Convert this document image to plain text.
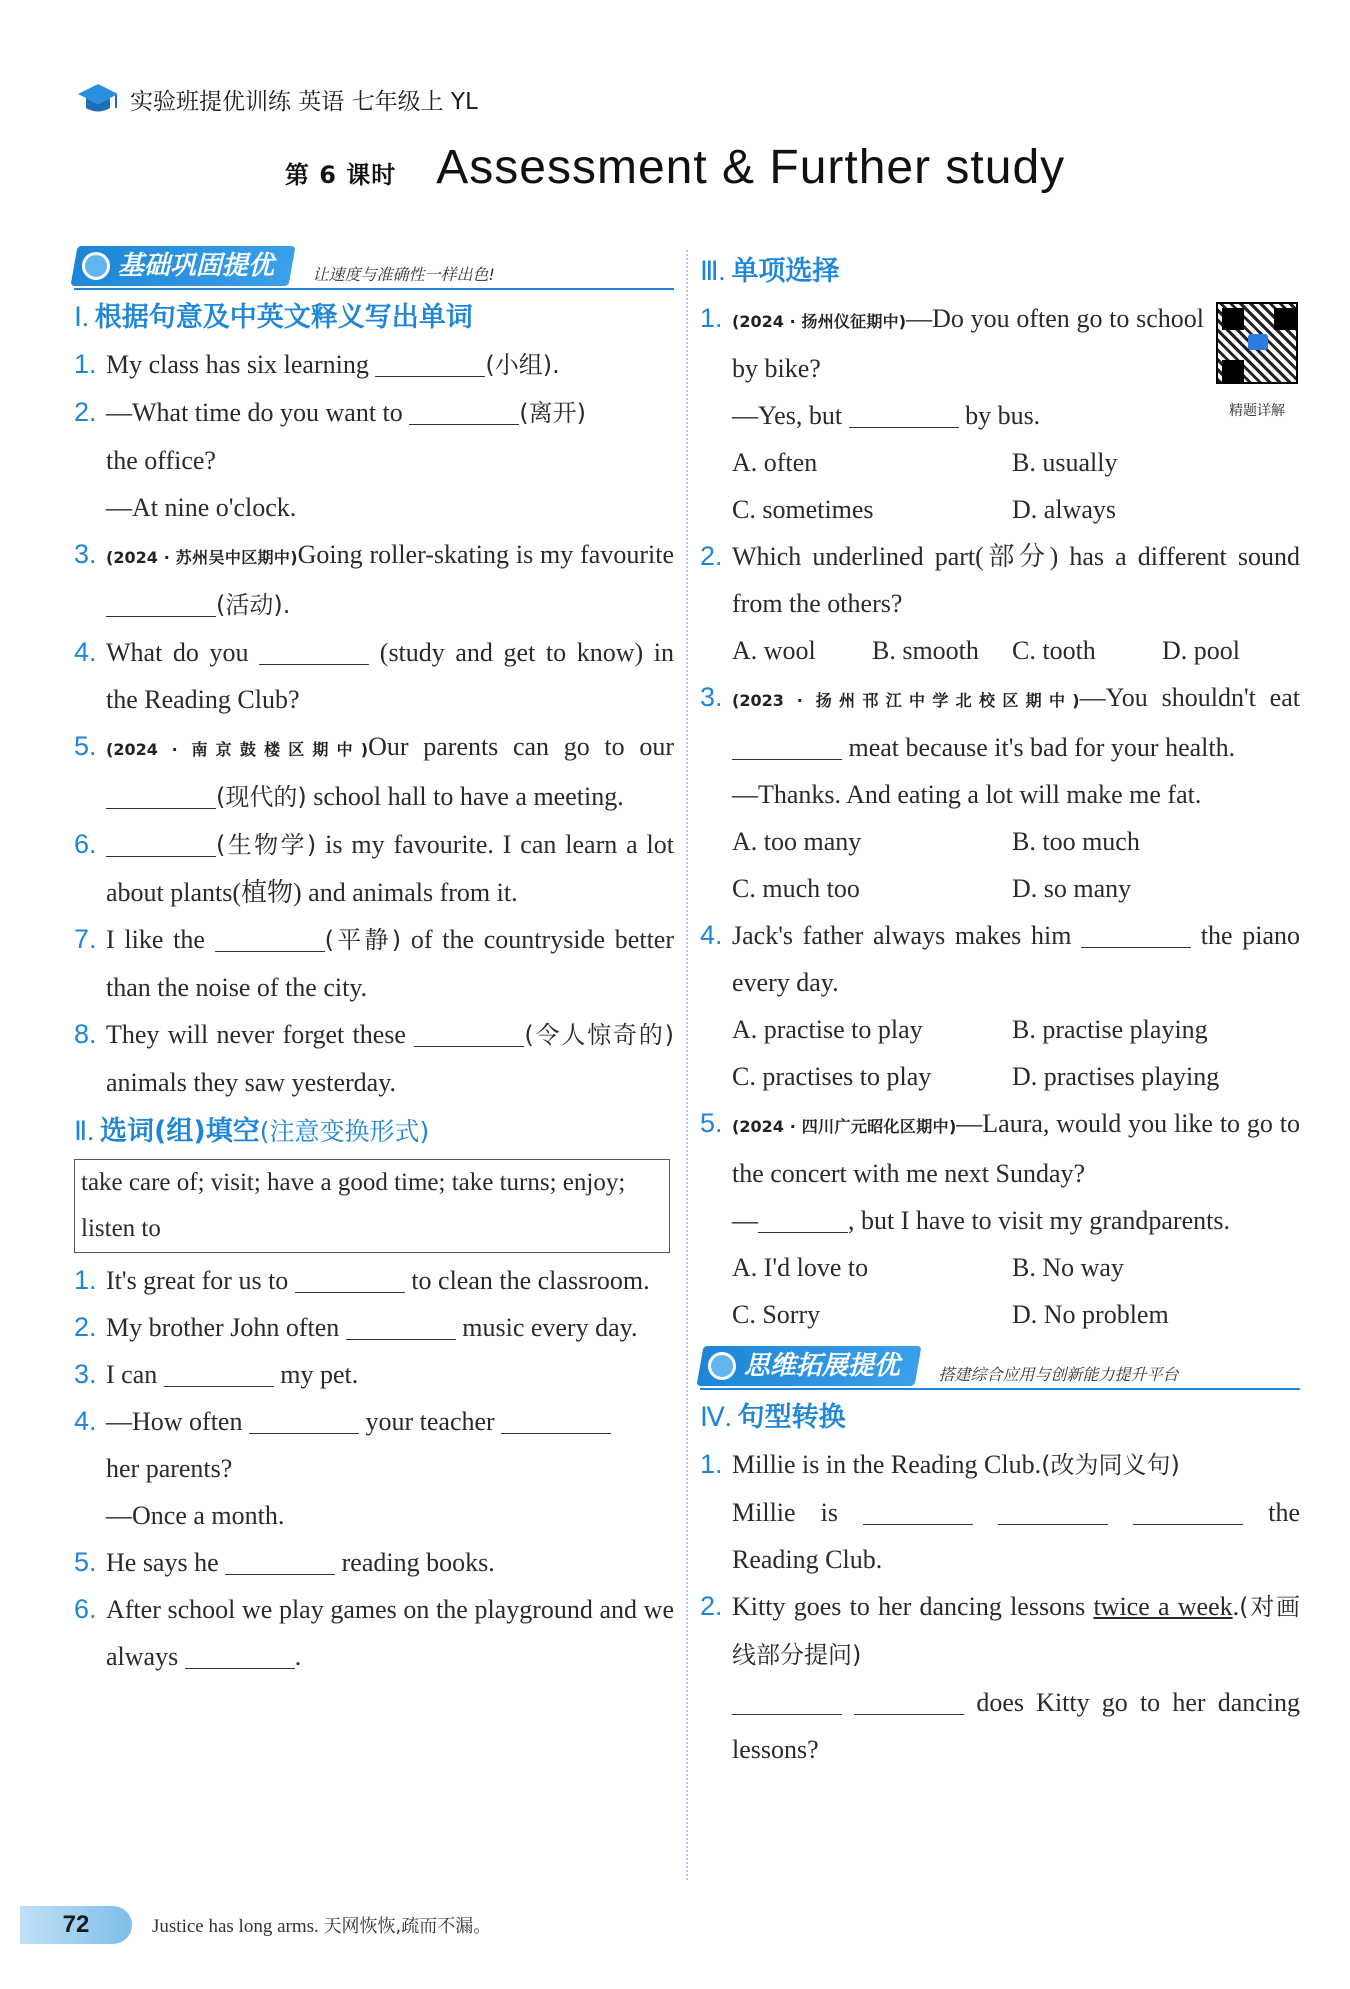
实验班提优训练 英语 七年级上 YL
第 6 课时 Assessment & Further study
基础巩固提优 让速度与准确性一样出色!
Ⅰ. 根据句意及中英文释义写出单词
1. My class has six learning	(小组).
2. —What time do you want to	(离开)
the office?
—At nine o'clock.
3. (2024 · 苏州吴中区期中)Going roller-skating is my favourite (活动).
4. What do you	(study and get to know) in the Reading Club?
5. (2024 · 南京鼓楼区期中)Our parents can go to our (现代的) school hall to have a meeting.
6.	(生物学) is my favourite. I can learn a lot about plants(植物) and animals from it.
7. I like the	(平静) of the countryside better than the noise of the city.
8. They will never forget these	(令人惊奇的) animals they saw yesterday.
Ⅱ. 选词(组)填空(注意变换形式)
take care of; visit; have a good time; take turns; enjoy; listen to
1. It's great for us to	to clean the classroom.
2. My brother John often	music every day.
3. I can	my pet.
4. —How often	your teacher
her parents?
—Once a month.
5. He says he	reading books.
6. After school we play games on the playground and we always	.
Ⅲ. 单项选择
精题详解
1. (2024 · 扬州仪征期中)—Do you often go to school by bike?
—Yes, but	by bus.
A. often	B. usually
C. sometimes	D. always
2. Which underlined part(部分) has a different sound from the others?
A. wool	B. smooth	C. tooth	D. pool
3. (2023 · 扬州邗江中学北校区期中)—You shouldn't eat  meat because it's bad for your health.
—Thanks. And eating a lot will make me fat.
A. too many	B. too much
C. much too	D. so many
4. Jack's father always makes him	the piano every day.
A. practise to play	B. practise playing
C. practises to play	D. practises playing
5. (2024 · 四川广元昭化区期中)—Laura, would you like to go to the concert with me next Sunday?
—	, but I have to visit my grandparents.
A. I'd love to	B. No way
C. Sorry	D. No problem
思维拓展提优 搭建综合应用与创新能力提升平台
Ⅳ. 句型转换
1. Millie is in the Reading Club.(改为同义句)
Millie is	the Reading Club.
2. Kitty goes to her dancing lessons twice a week.(对画线部分提问)
does Kitty go to her dancing lessons?
72	Justice has long arms. 天网恢恢,疏而不漏。
